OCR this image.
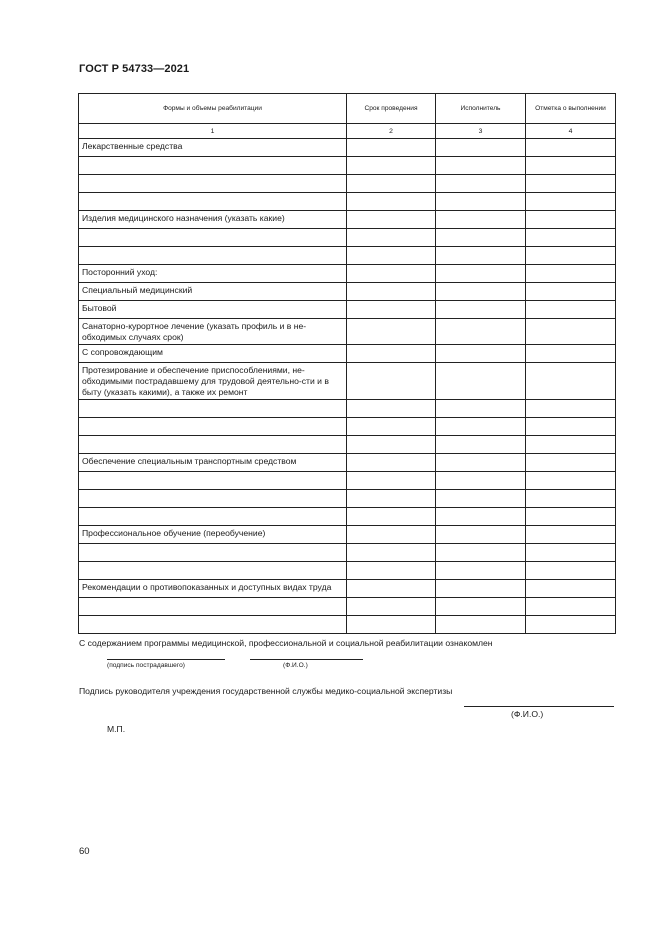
ГОСТ Р 54733—2021
Формы и объемы реабилитации	Срок проведения	Исполнитель	Отметка о выполнении
1	2	3	4
Лекарственные средства			

Изделия медицинского назначения (указать какие)			

Посторонний уход:			
Специальный медицинский			
Бытовой			
Санаторно-курортное лечение (указать профиль и в не-обходимых случаях срок)			
С сопровождающим			
Протезирование и обеспечение приспособлениями, не-обходимыми пострадавшему для трудовой деятельно-сти и в быту (указать какими), а также их ремонт			

Обеспечение специальным транспортным средством			

Профессиональное обучение (переобучение)			

Рекомендации о противопоказанных и доступных видах труда			

С содержанием программы медицинской, профессиональной и социальной реабилитации ознакомлен
(подпись пострадавшего)	(Ф.И.О.)
Подпись руководителя учреждения государственной службы медико-социальной экспертизы
(Ф.И.О.)
М.П.
60
